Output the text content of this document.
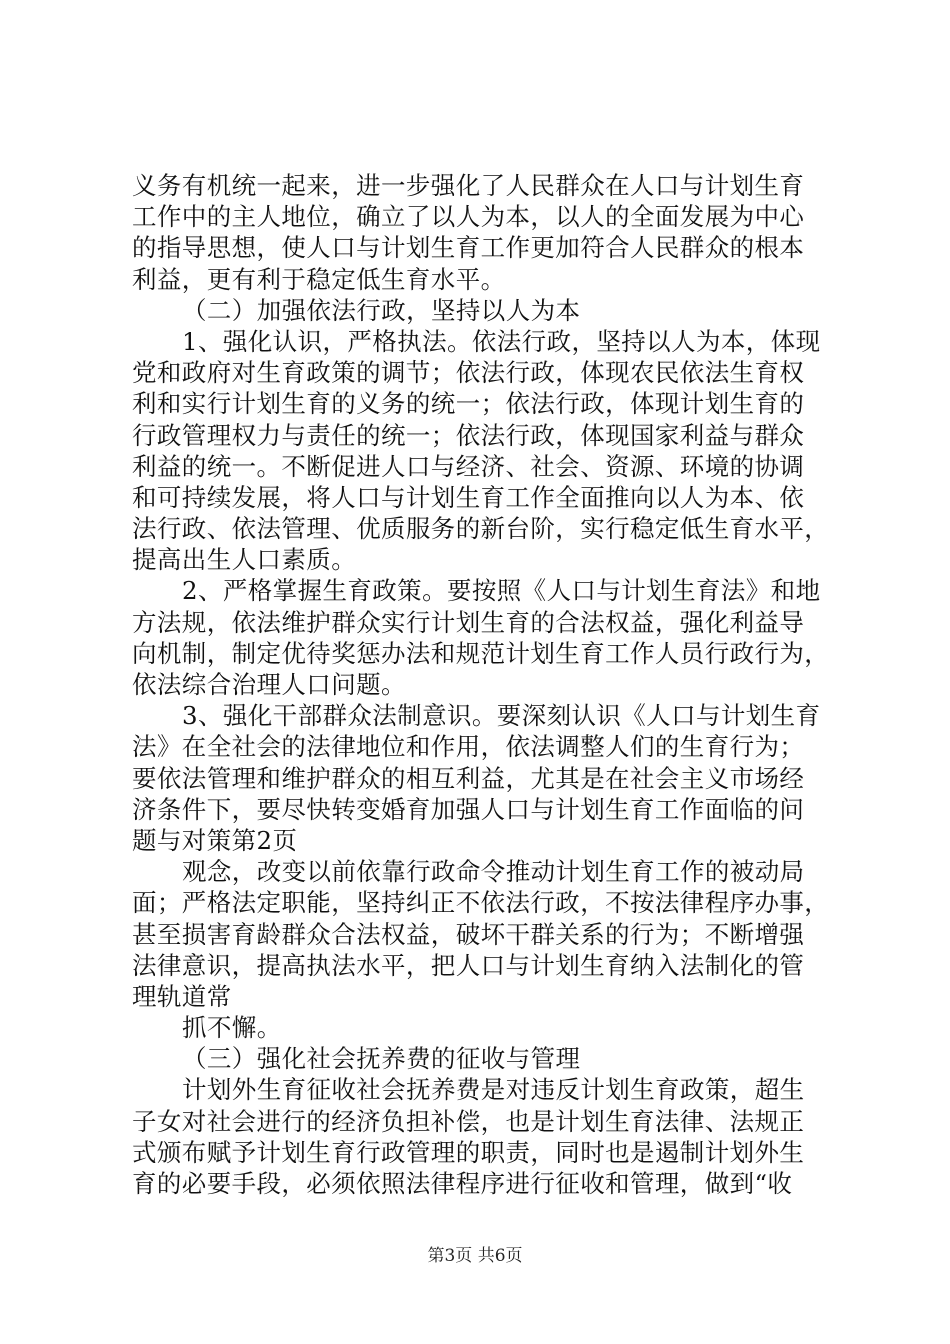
义务有机统一起来，进一步强化了人民群众在人口与计划生育
工作中的主人地位，确立了以人为本，以人的全面发展为中心
的指导思想，使人口与计划生育工作更加符合人民群众的根本
利益，更有利于稳定低生育水平。
（二）加强依法行政，坚持以人为本
1、强化认识，严格执法。依法行政，坚持以人为本，体现
党和政府对生育政策的调节；依法行政，体现农民依法生育权
利和实行计划生育的义务的统一；依法行政，体现计划生育的
行政管理权力与责任的统一；依法行政，体现国家利益与群众
利益的统一。不断促进人口与经济、社会、资源、环境的协调
和可持续发展，将人口与计划生育工作全面推向以人为本、依
法行政、依法管理、优质服务的新台阶，实行稳定低生育水平，
提高出生人口素质。
2、严格掌握生育政策。要按照《人口与计划生育法》和地
方法规，依法维护群众实行计划生育的合法权益，强化利益导
向机制，制定优待奖惩办法和规范计划生育工作人员行政行为，
依法综合治理人口问题。
3、强化干部群众法制意识。要深刻认识《人口与计划生育
法》在全社会的法律地位和作用，依法调整人们的生育行为；
要依法管理和维护群众的相互利益，尤其是在社会主义市场经
济条件下，要尽快转变婚育加强人口与计划生育工作面临的问
题与对策第2页
观念，改变以前依靠行政命令推动计划生育工作的被动局
面；严格法定职能，坚持纠正不依法行政，不按法律程序办事，
甚至损害育龄群众合法权益，破坏干群关系的行为；不断增强
法律意识，提高执法水平，把人口与计划生育纳入法制化的管
理轨道常
抓不懈。
（三）强化社会抚养费的征收与管理
计划外生育征收社会抚养费是对违反计划生育政策，超生
子女对社会进行的经济负担补偿，也是计划生育法律、法规正
式颁布赋予计划生育行政管理的职责，同时也是遏制计划外生
育的必要手段，必须依照法律程序进行征收和管理，做到“收
第3页 共6页
